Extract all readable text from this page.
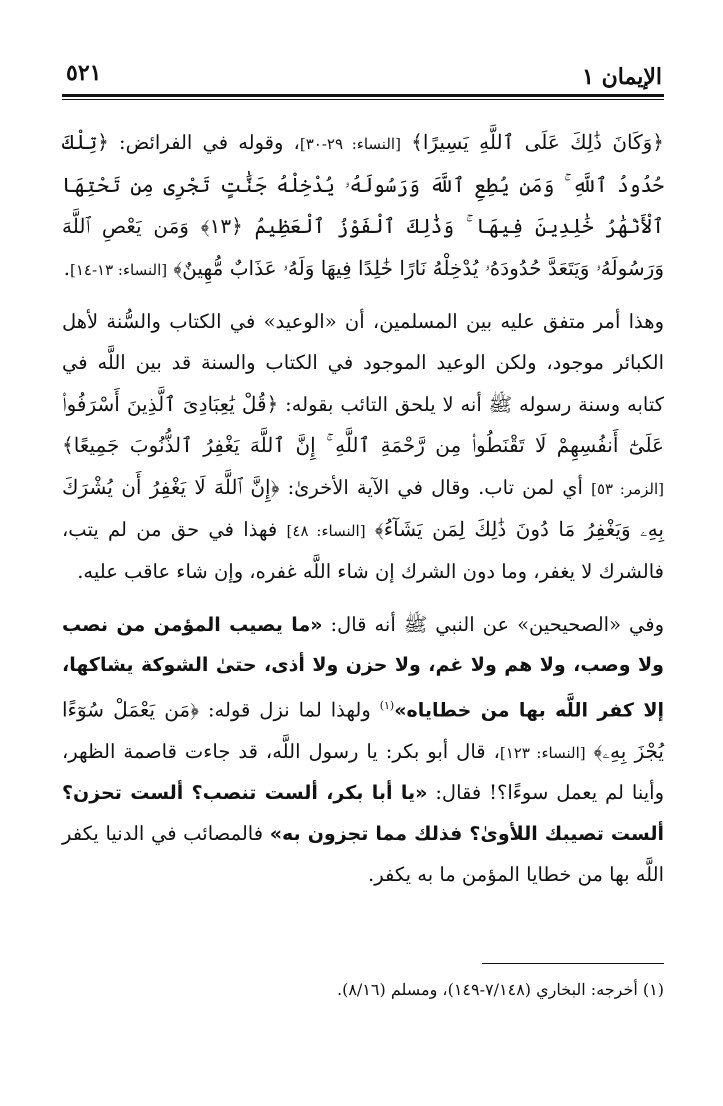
الإيمان ١
٥٢١

﴿وَكَانَ ذَٰلِكَ عَلَى ٱللَّهِ يَسِيرًا﴾ [النساء: ٢٩-٣٠]، وقوله في الفرائض: ﴿تِلْكَ حُدُودُ ٱللَّهِ ۚ وَمَن يُطِعِ ٱللَّهَ وَرَسُولَهُۥ يُدْخِلْهُ جَنَّٰتٍ تَجْرِى مِن تَحْتِهَا ٱلْأَنْهَٰرُ خَٰلِدِينَ فِيهَا ۚ وَذَٰلِكَ ٱلْفَوْزُ ٱلْعَظِيمُ ﴿١٣﴾ وَمَن يَعْصِ ٱللَّهَ وَرَسُولَهُۥ وَيَتَعَدَّ حُدُودَهُۥ يُدْخِلْهُ نَارًا خَٰلِدًا فِيهَا وَلَهُۥ عَذَابٌ مُّهِينٌ﴾ [النساء: ١٣-١٤].

وهذا أمر متفق عليه بين المسلمين، أن «الوعيد» في الكتاب والسُّنة لأهل الكبائر موجود، ولكن الوعيد الموجود في الكتاب والسنة قد بين اللَّه في كتابه وسنة رسوله ﷺ أنه لا يلحق التائب بقوله: ﴿قُلْ يَٰعِبَادِىَ ٱلَّذِينَ أَسْرَفُوا۟ عَلَىٰٓ أَنفُسِهِمْ لَا تَقْنَطُوا۟ مِن رَّحْمَةِ ٱللَّهِ ۚ إِنَّ ٱللَّهَ يَغْفِرُ ٱلذُّنُوبَ جَمِيعًا﴾ [الزمر: ٥٣] أي لمن تاب. وقال في الآية الأخرىٰ: ﴿إِنَّ ٱللَّهَ لَا يَغْفِرُ أَن يُشْرَكَ بِهِۦ وَيَغْفِرُ مَا دُونَ ذَٰلِكَ لِمَن يَشَآءُ﴾ [النساء: ٤٨] فهذا في حق من لم يتب، فالشرك لا يغفر، وما دون الشرك إن شاء اللَّه غفره، وإن شاء عاقب عليه.

وفي «الصحيحين» عن النبي ﷺ أنه قال: «ما يصيب المؤمن من نصب ولا وصب، ولا هم ولا غم، ولا حزن ولا أذى، حتىٰ الشوكة يشاكها، إلا كفر اللَّه بها من خطاياه»$^{(١)}$ ولهذا لما نزل قوله: ﴿مَن يَعْمَلْ سُوٓءًا يُجْزَ بِهِۦ﴾ [النساء: ١٢٣]، قال أبو بكر: يا رسول اللَّه، قد جاءت قاصمة الظهر، وأينا لم يعمل سوءًا؟! فقال: «يا أبا بكر، ألست تنصب؟ ألست تحزن؟ ألست تصيبك اللأوىٰ؟ فذلك مما تجزون به» فالمصائب في الدنيا يكفر اللَّه بها من خطايا المؤمن ما به يكفر.

(١) أخرجه: البخاري (٧/١٤٨-١٤٩)، ومسلم (٨/١٦).
